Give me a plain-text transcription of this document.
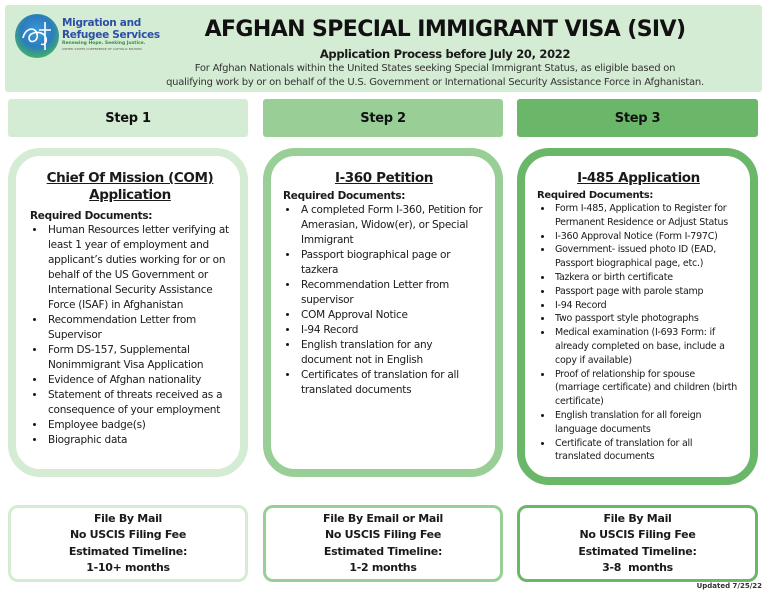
Migration and
Refugee Services
Renewing Hope. Seeking Justice.
UNITED STATES CONFERENCE OF CATHOLIC BISHOPS
AFGHAN SPECIAL IMMIGRANT VISA (SIV)
Application Process before July 20, 2022
For Afghan Nationals within the United States seeking Special Immigrant Status, as eligible based on
qualifying work by or on behalf of the U.S. Government or International Security Assistance Force in Afghanistan.
Step 1	Step 2	Step 3
Chief Of Mission (COM)
Application
Required Documents:
• Human Resources letter verifying at least 1 year of employment and applicant’s duties working for or on behalf of the US Government or International Security Assistance Force (ISAF) in Afghanistan
• Recommendation Letter from Supervisor
• Form DS-157, Supplemental Nonimmigrant Visa Application
• Evidence of Afghan nationality
• Statement of threats received as a consequence of your employment
• Employee badge(s)
• Biographic data
I-360 Petition
Required Documents:
• A completed Form I-360, Petition for Amerasian, Widow(er), or Special Immigrant
• Passport biographical page or tazkera
• Recommendation Letter from supervisor
• COM Approval Notice
• I-94 Record
• English translation for any document not in English
• Certificates of translation for all translated documents
I-485 Application
Required Documents:
• Form I-485, Application to Register for Permanent Residence or Adjust Status
• I-360 Approval Notice (Form I-797C)
• Government- issued photo ID (EAD, Passport biographical page, etc.)
• Tazkera or birth certificate
• Passport page with parole stamp
• I-94 Record
• Two passport style photographs
• Medical examination (I-693 Form: if already completed on base, include a copy if available)
• Proof of relationship for spouse (marriage certificate) and children (birth certificate)
• English translation for all foreign language documents
• Certificate of translation for all translated documents
File By Mail
No USCIS Filing Fee
Estimated Timeline:
1-10+ months
File By Email or Mail
No USCIS Filing Fee
Estimated Timeline:
1-2 months
File By Mail
No USCIS Filing Fee
Estimated Timeline:
3-8  months
Updated 7/25/22
